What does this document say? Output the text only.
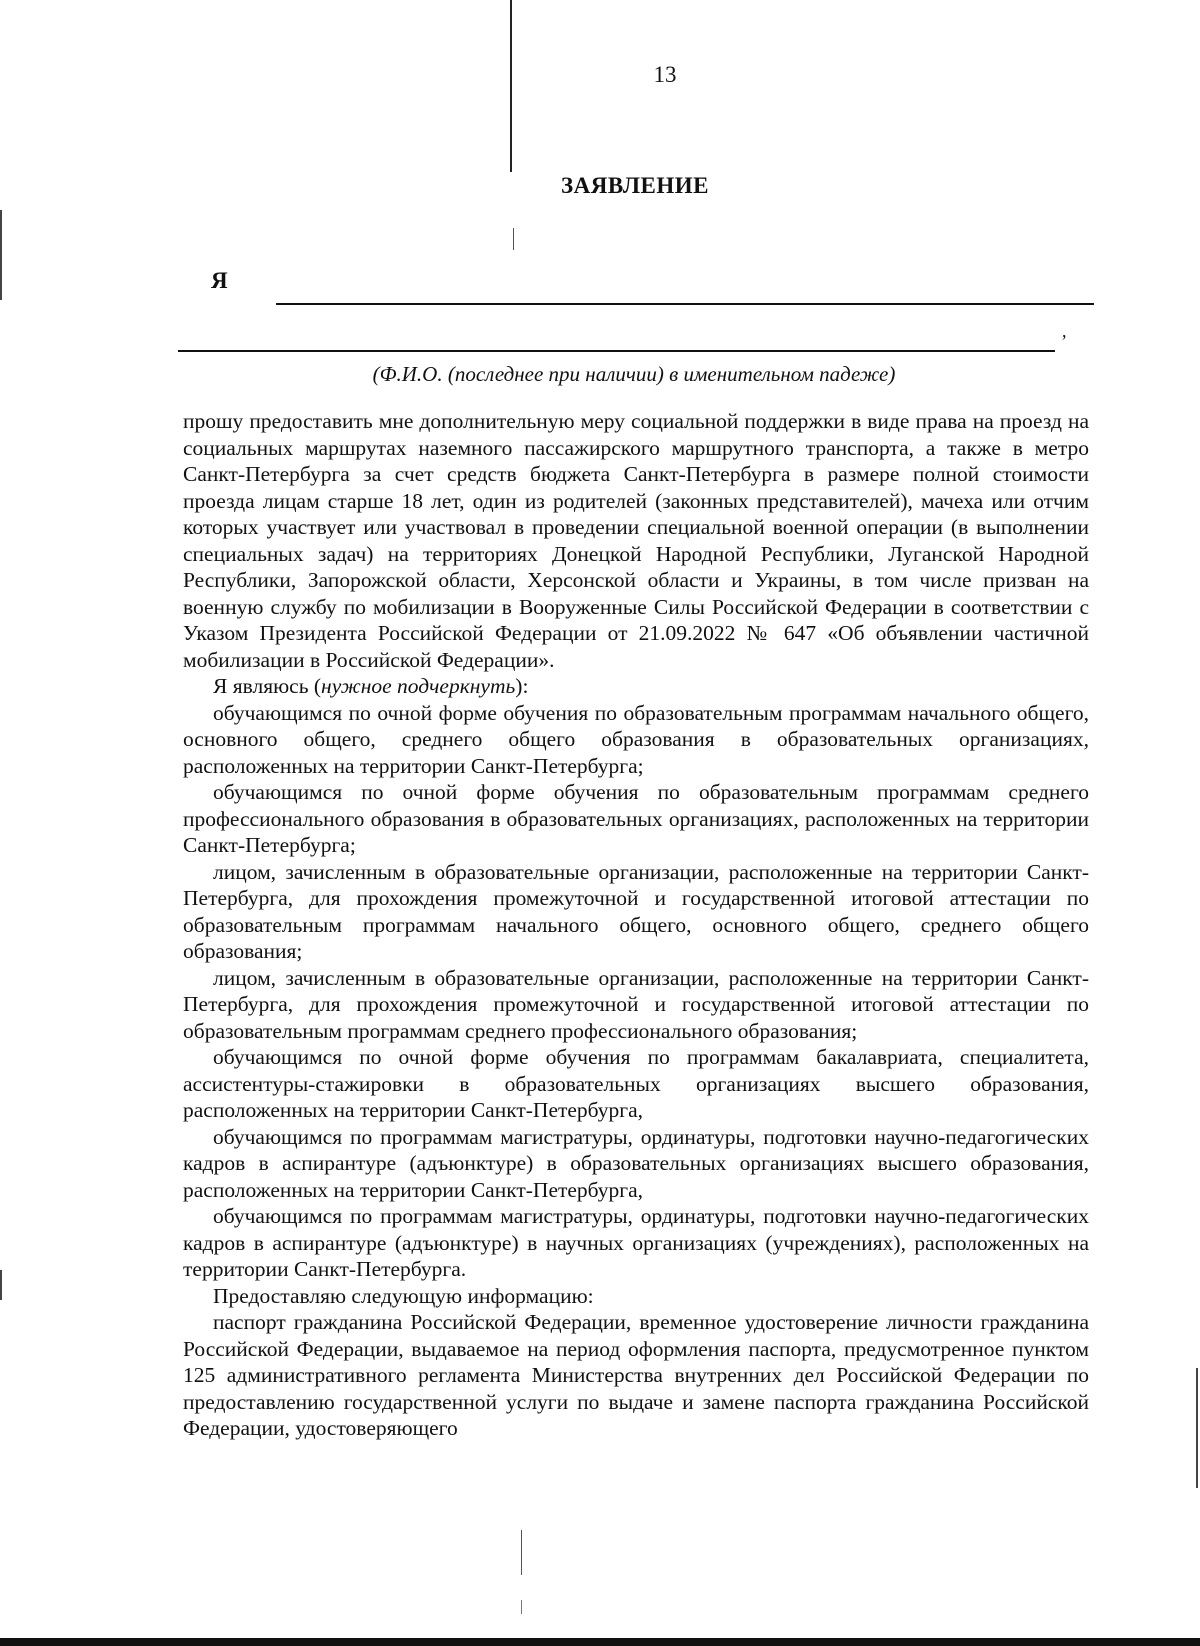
13
ЗАЯВЛЕНИЕ
Я
,
(Ф.И.О. (последнее при наличии) в именительном падеже)

прошу предоставить мне дополнительную меру социальной поддержки в виде права на проезд на социальных маршрутах наземного пассажирского маршрутного транспорта, а также в метро Санкт-Петербурга за счет средств бюджета Санкт-Петербурга в размере полной стоимости проезда лицам старше 18 лет, один из родителей (законных представителей), мачеха или отчим которых участвует или участвовал в проведении специальной военной операции (в выполнении специальных задач) на территориях Донецкой Народной Республики, Луганской Народной Республики, Запорожской области, Херсонской области и Украины, в том числе призван на военную службу по мобилизации в Вооруженные Силы Российской Федерации в соответствии с Указом Президента Российской Федерации от 21.09.2022 № 647 «Об объявлении частичной мобилизации в Российской Федерации».

Я являюсь (нужное подчеркнуть):

обучающимся по очной форме обучения по образовательным программам начального общего, основного общего, среднего общего образования в образовательных организациях, расположенных на территории Санкт-Петербурга;

обучающимся по очной форме обучения по образовательным программам среднего профессионального образования в образовательных организациях, расположенных на территории Санкт-Петербурга;

лицом, зачисленным в образовательные организации, расположенные на территории Санкт-Петербурга, для прохождения промежуточной и государственной итоговой аттестации по образовательным программам начального общего, основного общего, среднего общего образования;

лицом, зачисленным в образовательные организации, расположенные на территории Санкт-Петербурга, для прохождения промежуточной и государственной итоговой аттестации по образовательным программам среднего профессионального образования;

обучающимся по очной форме обучения по программам бакалавриата, специалитета, ассистентуры-стажировки в образовательных организациях высшего образования, расположенных на территории Санкт-Петербурга,

обучающимся по программам магистратуры, ординатуры, подготовки научно-педагогических кадров в аспирантуре (адъюнктуре) в образовательных организациях высшего образования, расположенных на территории Санкт-Петербурга,

обучающимся по программам магистратуры, ординатуры, подготовки научно-педагогических кадров в аспирантуре (адъюнктуре) в научных организациях (учреждениях), расположенных на территории Санкт-Петербурга.

Предоставляю следующую информацию:

паспорт гражданина Российской Федерации, временное удостоверение личности гражданина Российской Федерации, выдаваемое на период оформления паспорта, предусмотренное пунктом 125 административного регламента Министерства внутренних дел Российской Федерации по предоставлению государственной услуги по выдаче и замене паспорта гражданина Российской Федерации, удостоверяющего
